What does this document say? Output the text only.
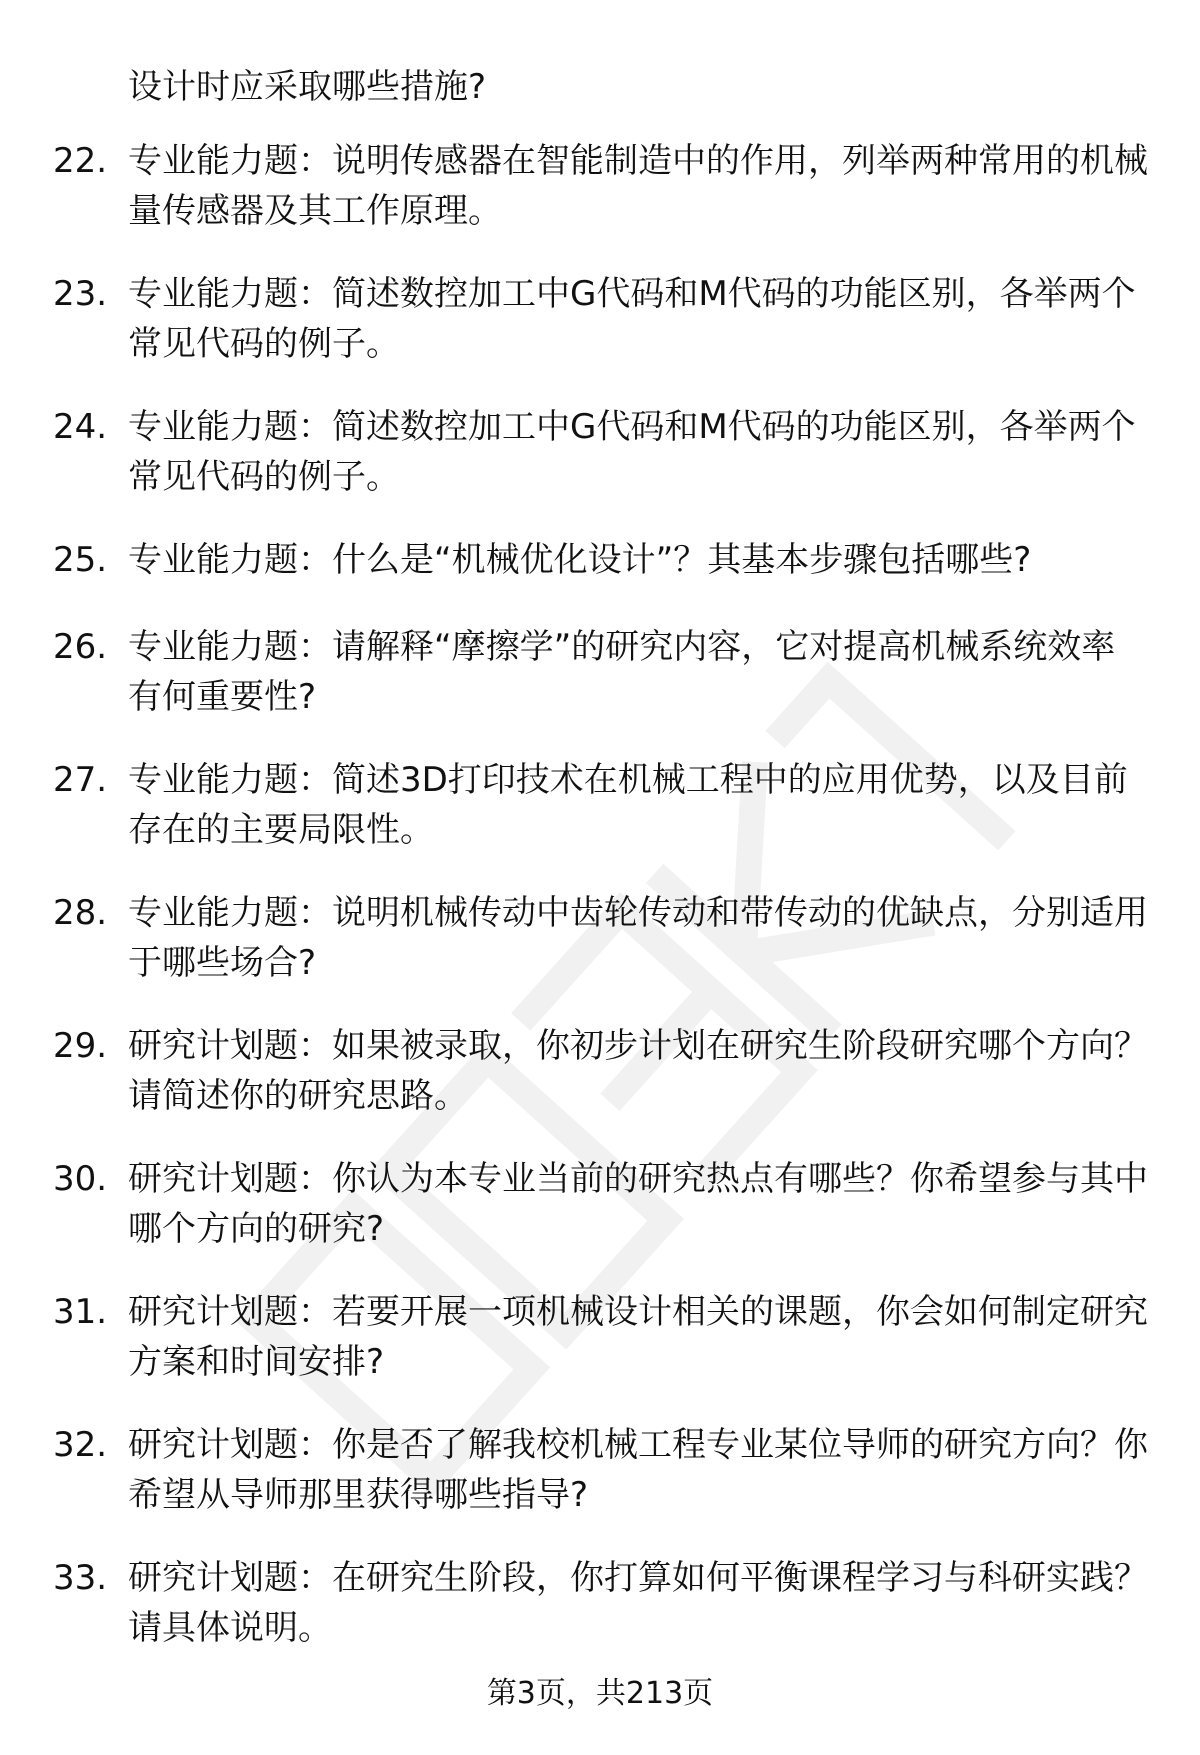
设计时应采取哪些措施?
22. 专业能力题：说明传感器在智能制造中的作用，列举两种常用的机械量传感器及其工作原理。
23. 专业能力题：简述数控加工中G代码和M代码的功能区别，各举两个常见代码的例子。
24. 专业能力题：简述数控加工中G代码和M代码的功能区别，各举两个常见代码的例子。
25. 专业能力题：什么是“机械优化设计”？其基本步骤包括哪些?
26. 专业能力题：请解释“摩擦学”的研究内容，它对提高机械系统效率有何重要性?
27. 专业能力题：简述3D打印技术在机械工程中的应用优势，以及目前存在的主要局限性。
28. 专业能力题：说明机械传动中齿轮传动和带传动的优缺点，分别适用于哪些场合?
29. 研究计划题：如果被录取，你初步计划在研究生阶段研究哪个方向？请简述你的研究思路。
30. 研究计划题：你认为本专业当前的研究热点有哪些？你希望参与其中哪个方向的研究?
31. 研究计划题：若要开展一项机械设计相关的课题，你会如何制定研究方案和时间安排?
32. 研究计划题：你是否了解我校机械工程专业某位导师的研究方向？你希望从导师那里获得哪些指导?
33. 研究计划题：在研究生阶段，你打算如何平衡课程学习与科研实践？请具体说明。
第3页，共213页
